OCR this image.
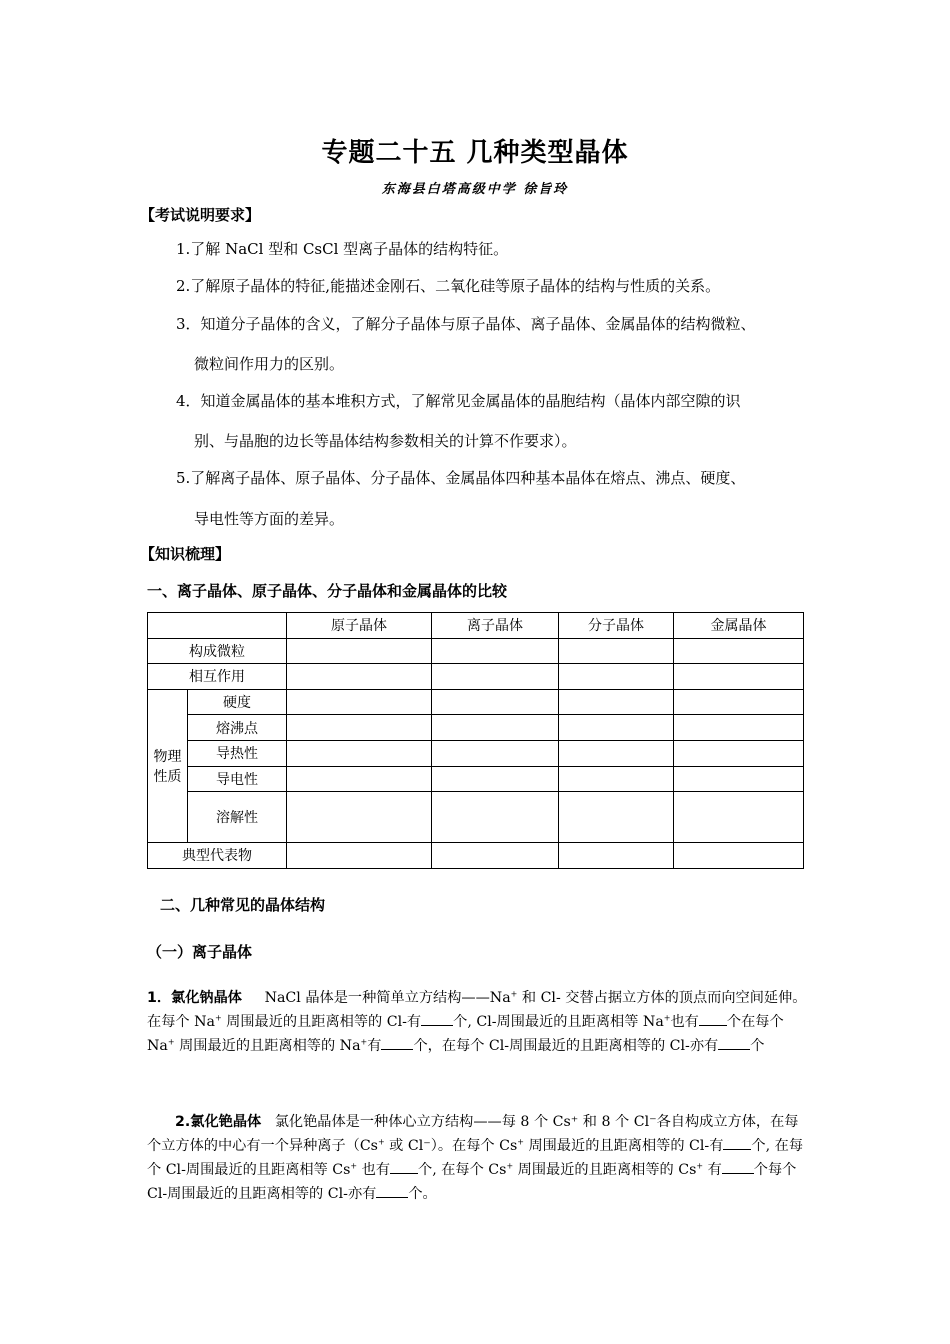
专题二十五 几种类型晶体
东海县白塔高级中学 徐旨玲
【考试说明要求】
1.了解 NaCl 型和 CsCl 型离子晶体的结构特征。
2.了解原子晶体的特征,能描述金刚石、二氧化硅等原子晶体的结构与性质的关系。
3．知道分子晶体的含义，了解分子晶体与原子晶体、离子晶体、金属晶体的结构微粒、
微粒间作用力的区别。
4．知道金属晶体的基本堆积方式，了解常见金属晶体的晶胞结构（晶体内部空隙的识
别、与晶胞的边长等晶体结构参数相关的计算不作要求）。
5.了解离子晶体、原子晶体、分子晶体、金属晶体四种基本晶体在熔点、沸点、硬度、
导电性等方面的差异。
【知识梳理】
一、离子晶体、原子晶体、分子晶体和金属晶体的比较
		原子晶体	离子晶体	分子晶体	金属晶体
构成微粒					
相互作用					
物理
性质	硬度				
	熔沸点				
	导热性				
	导电性				
	溶解性				
典型代表物					
二、几种常见的晶体结构
（一）离子晶体
1．氯化钠晶体 NaCl 晶体是一种简单立方结构——Na+ 和 Cl- 交替占据立方体的顶点而向空间延伸。在每个 Na+ 周围最近的且距离相等的 Cl-有 个, Cl-周围最近的且距离相等 Na+也有 个在每个 Na+ 周围最近的且距离相等的 Na+有 个，在每个 Cl-周围最近的且距离相等的 Cl-亦有 个
2.氯化铯晶体 氯化铯晶体是一种体心立方结构——每 8 个 Cs⁺ 和 8 个 Cl⁻各自构成立方体，在每个立方体的中心有一个异种离子（Cs+ 或 Cl⁻）。在每个 Cs+ 周围最近的且距离相等的 Cl-有 个, 在每个 Cl-周围最近的且距离相等 Cs+ 也有 个, 在每个 Cs+ 周围最近的且距离相等的 Cs+ 有 个每个 Cl-周围最近的且距离相等的 Cl-亦有 个。
